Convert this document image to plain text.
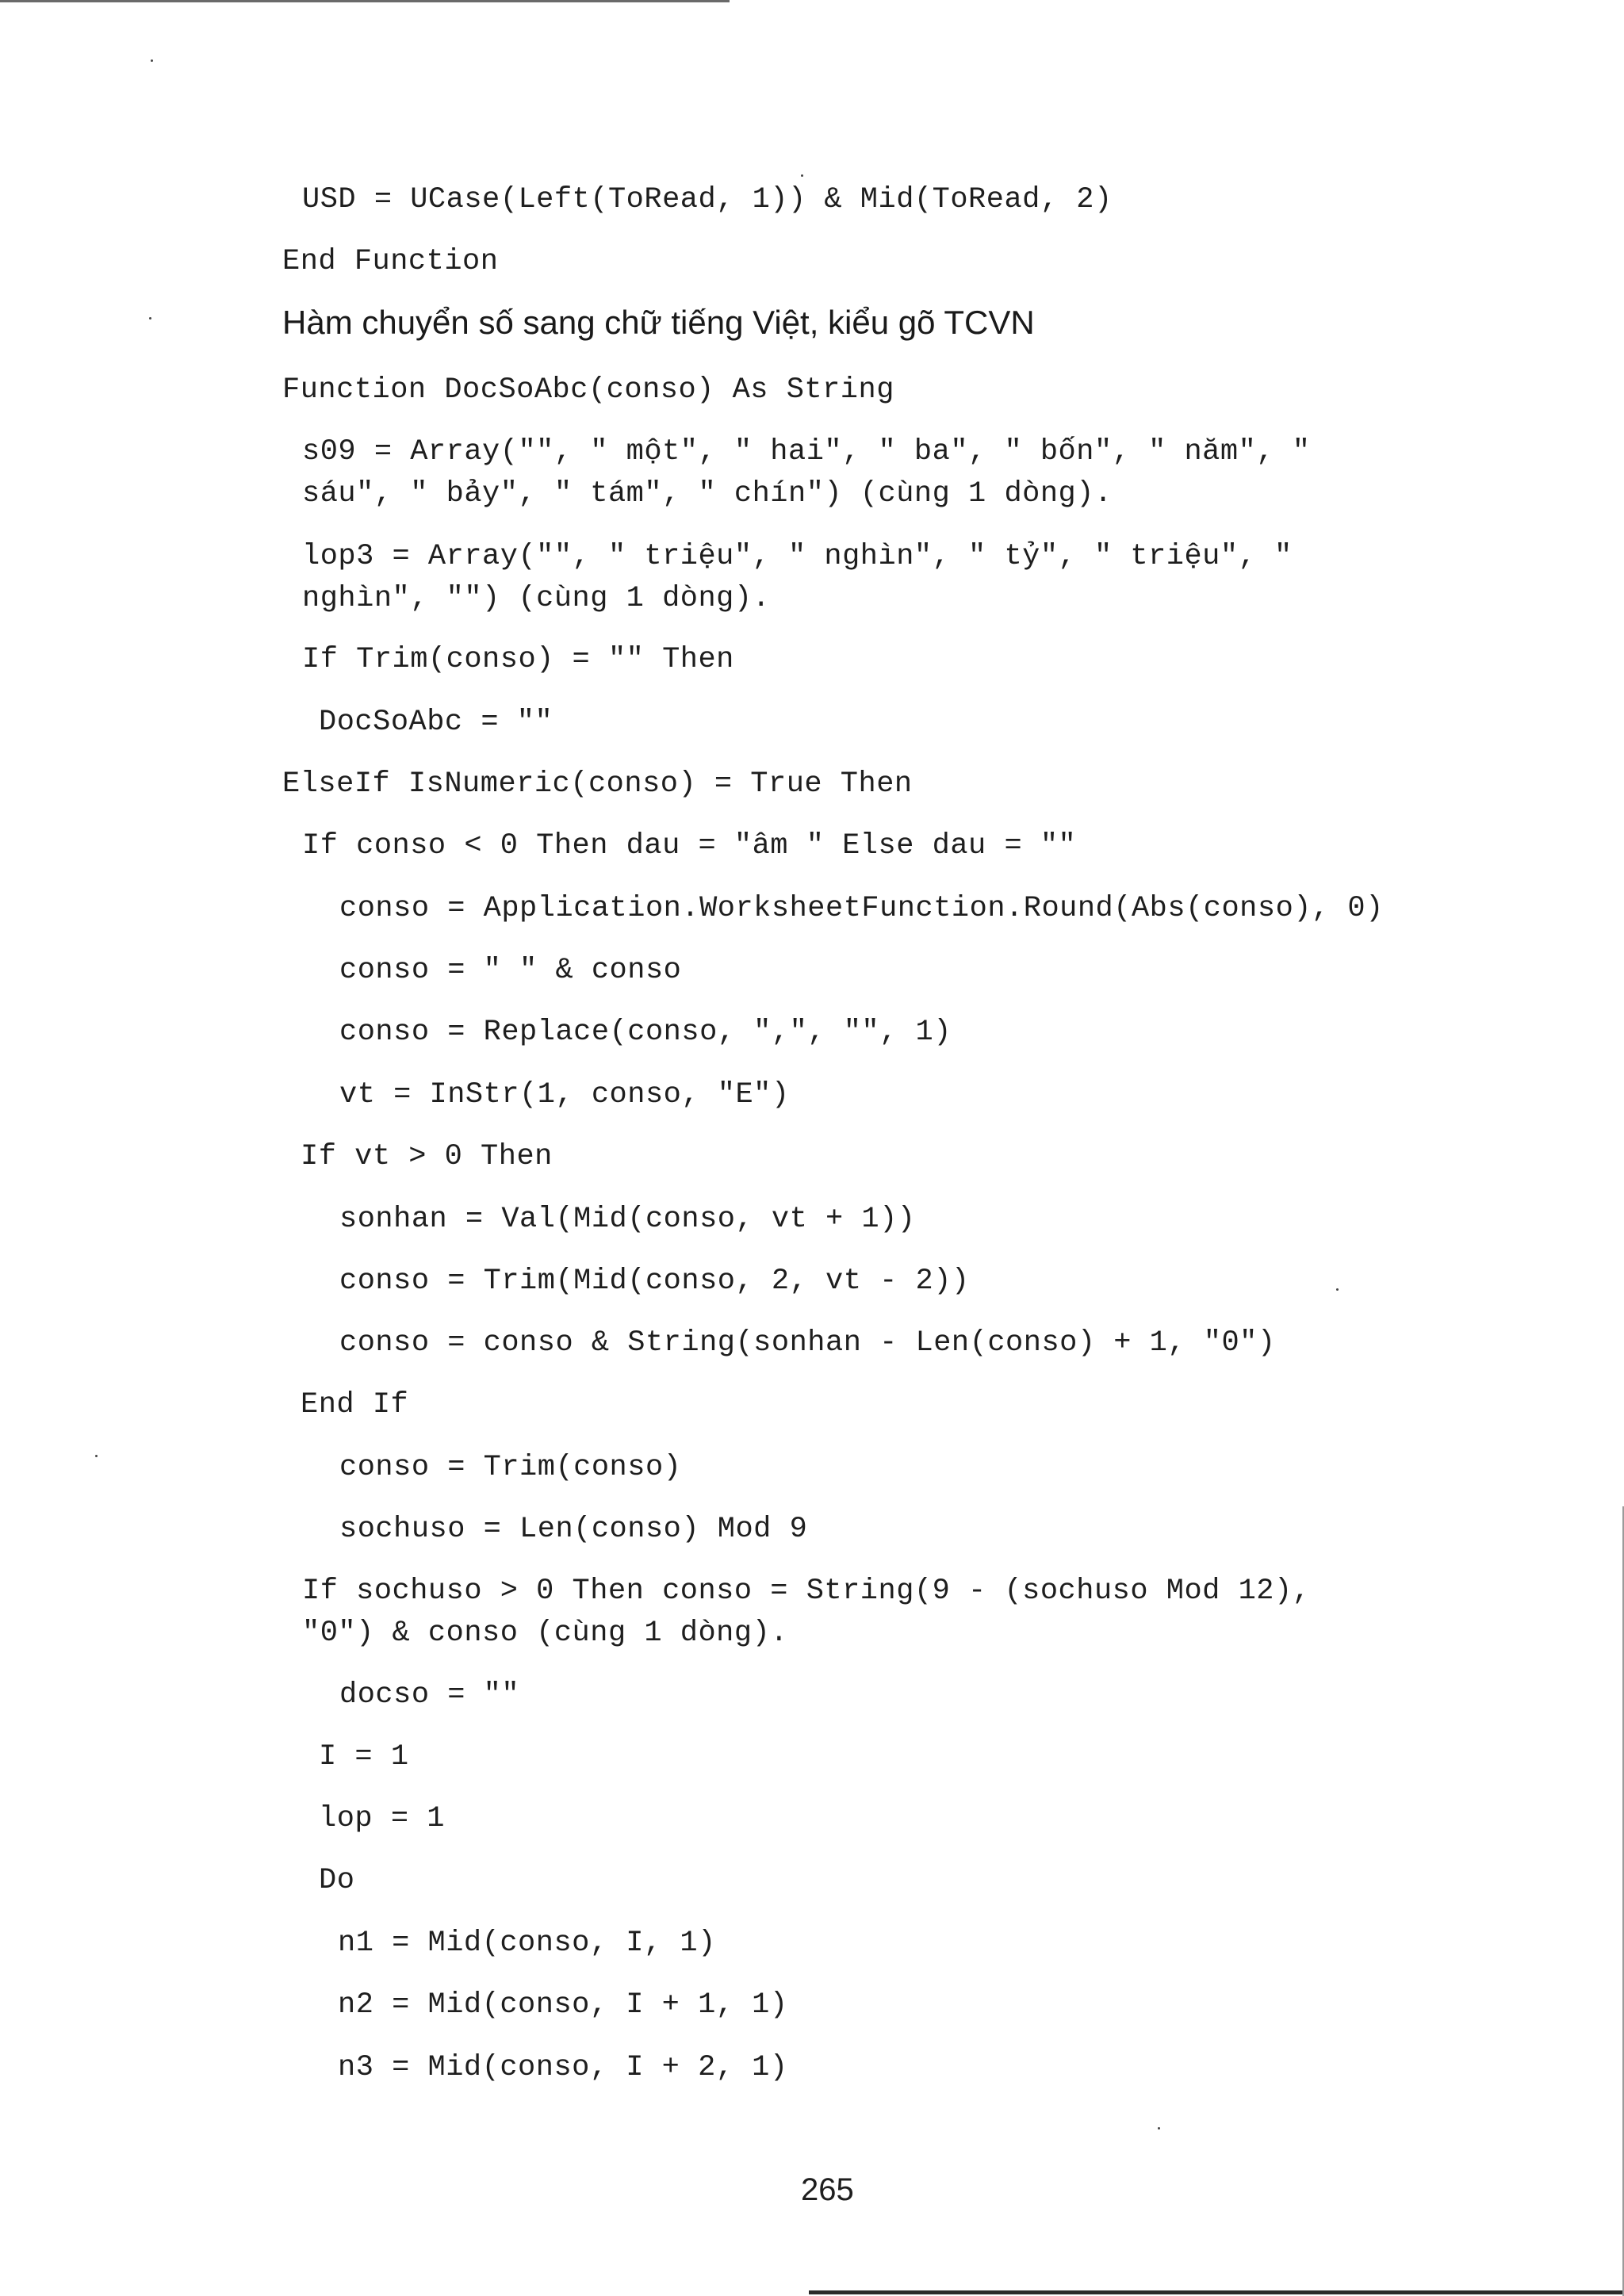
USD = UCase(Left(ToRead, 1)) & Mid(ToRead, 2)

End Function

Hàm chuyển số sang chữ tiếng Việt, kiểu gõ TCVN

Function DocSoAbc(conso) As String

s09 = Array("", " một", " hai", " ba", " bốn", " năm", "

sáu", " bảy", " tám", " chín") (cùng 1 dòng).

lop3 = Array("", " triệu", " nghìn", " tỷ", " triệu", "

nghìn", "") (cùng 1 dòng).

If Trim(conso) = "" Then

DocSoAbc = ""

ElseIf IsNumeric(conso) = True Then

If conso < 0 Then dau = "âm " Else dau = ""

conso = Application.WorksheetFunction.Round(Abs(conso), 0)

conso = " " & conso

conso = Replace(conso, ",", "", 1)

vt = InStr(1, conso, "E")

If vt > 0 Then

sonhan = Val(Mid(conso, vt + 1))

conso = Trim(Mid(conso, 2, vt - 2))

conso = conso & String(sonhan - Len(conso) + 1, "0")

End If

conso = Trim(conso)

sochuso = Len(conso) Mod 9

If sochuso > 0 Then conso = String(9 - (sochuso Mod 12),

"0") & conso (cùng 1 dòng).

docso = ""

I = 1

lop = 1

Do

n1 = Mid(conso, I, 1)

n2 = Mid(conso, I + 1, 1)

n3 = Mid(conso, I + 2, 1)

265
